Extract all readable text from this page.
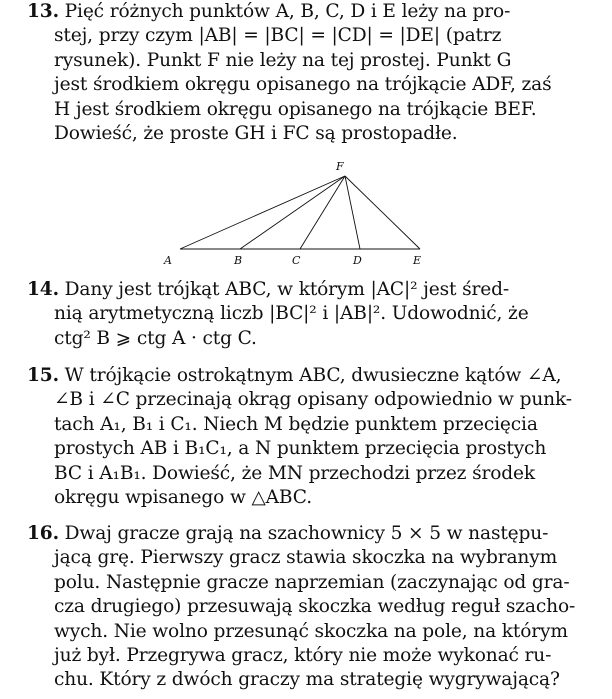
13. Pięć różnych punktów A, B, C, D i E leży na pro-
stej, przy czym |AB| = |BC| = |CD| = |DE| (patrz
rysunek). Punkt F nie leży na tej prostej. Punkt G
jest środkiem okręgu opisanego na trójkącie ADF, zaś
H jest środkiem okręgu opisanego na trójkącie BEF.
Dowieść, że proste GH i FC są prostopadłe.
F
A	B	C	D	E
14. Dany jest trójkąt ABC, w którym |AC|² jest śred-
nią arytmetyczną liczb |BC|² i |AB|². Udowodnić, że
ctg² B ⩾ ctg A · ctg C.
15. W trójkącie ostrokątnym ABC, dwusieczne kątów ∠A,
∠B i ∠C przecinają okrąg opisany odpowiednio w punk-
tach A₁, B₁ i C₁. Niech M będzie punktem przecięcia
prostych AB i B₁C₁, a N punktem przecięcia prostych
BC i A₁B₁. Dowieść, że MN przechodzi przez środek
okręgu wpisanego w △ABC.
16. Dwaj gracze grają na szachownicy 5 × 5 w następu-
jącą grę. Pierwszy gracz stawia skoczka na wybranym
polu. Następnie gracze naprzemian (zaczynając od gra-
cza drugiego) przesuwają skoczka według reguł szacho-
wych. Nie wolno przesunąć skoczka na pole, na którym
już był. Przegrywa gracz, który nie może wykonać ru-
chu. Który z dwóch graczy ma strategię wygrywającą?
